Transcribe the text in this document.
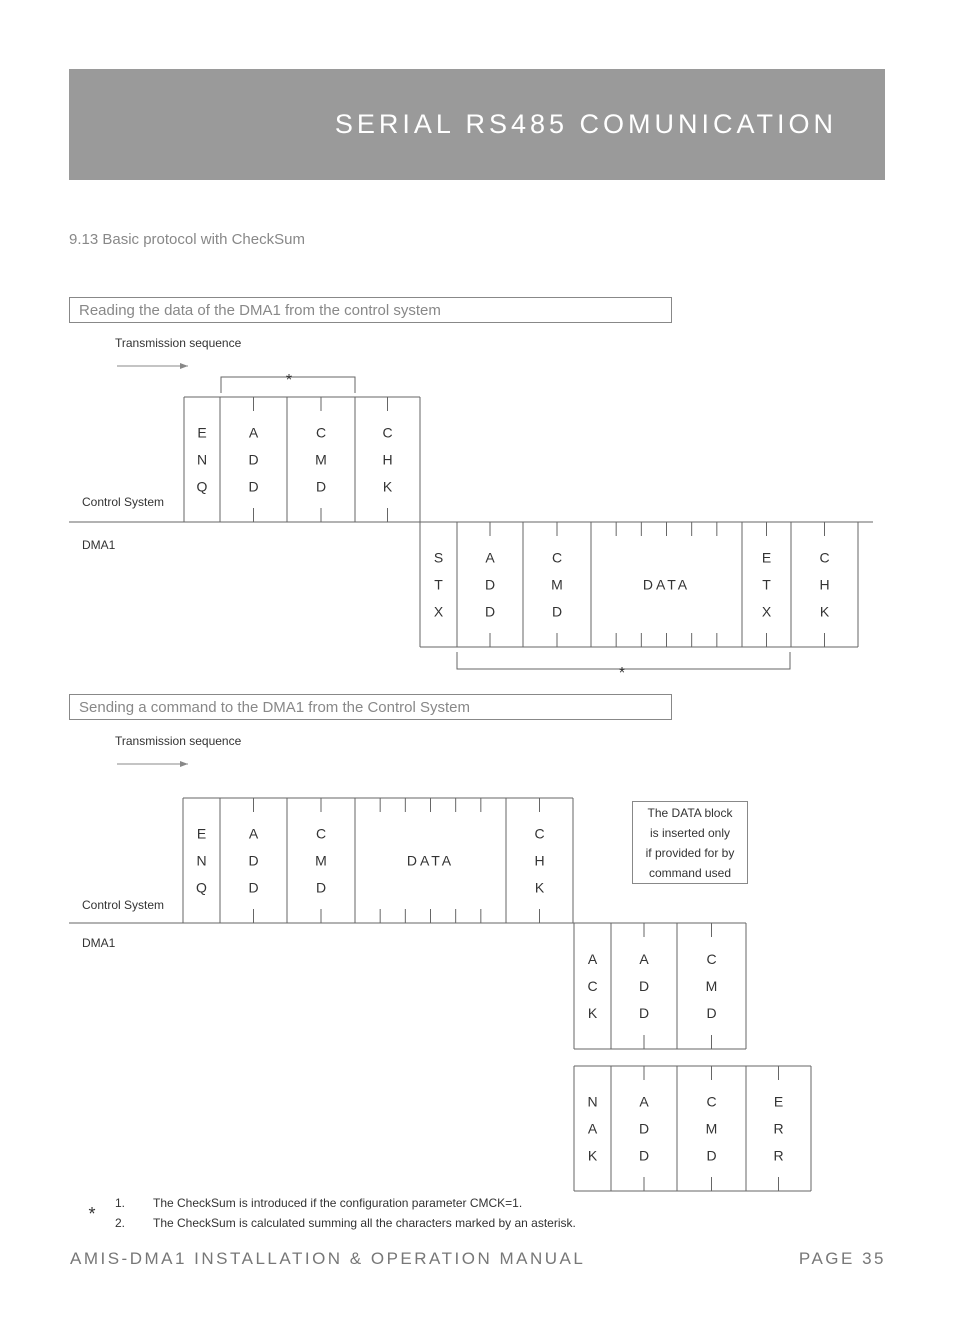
SERIAL RS485 COMUNICATION
9.13 Basic protocol with CheckSum
Reading the data of the DMA1 from the control system
Transmission sequence
Control System
DMA1
Sending a command to the DMA1 from the Control System
Transmission sequence
Control System
DMA1
The DATA block
is inserted only
if provided for by
command used
*
E
N
Q
A
D
D
C
M
D
C
H
K
S
T
X
A
D
D
C
M
D
DATA
E
T
X
C
H
K
*
E
N
Q
A
D
D
C
M
D
DATA
C
H
K
A
C
K
A
D
D
C
M
D
N
A
K
A
D
D
C
M
D
E
R
R
*
1. The CheckSum is introduced if the configuration parameter CMCK=1.
2. The CheckSum is calculated summing all the characters marked by an asterisk.
AMIS-DMA1 INSTALLATION & OPERATION MANUAL	PAGE 35
